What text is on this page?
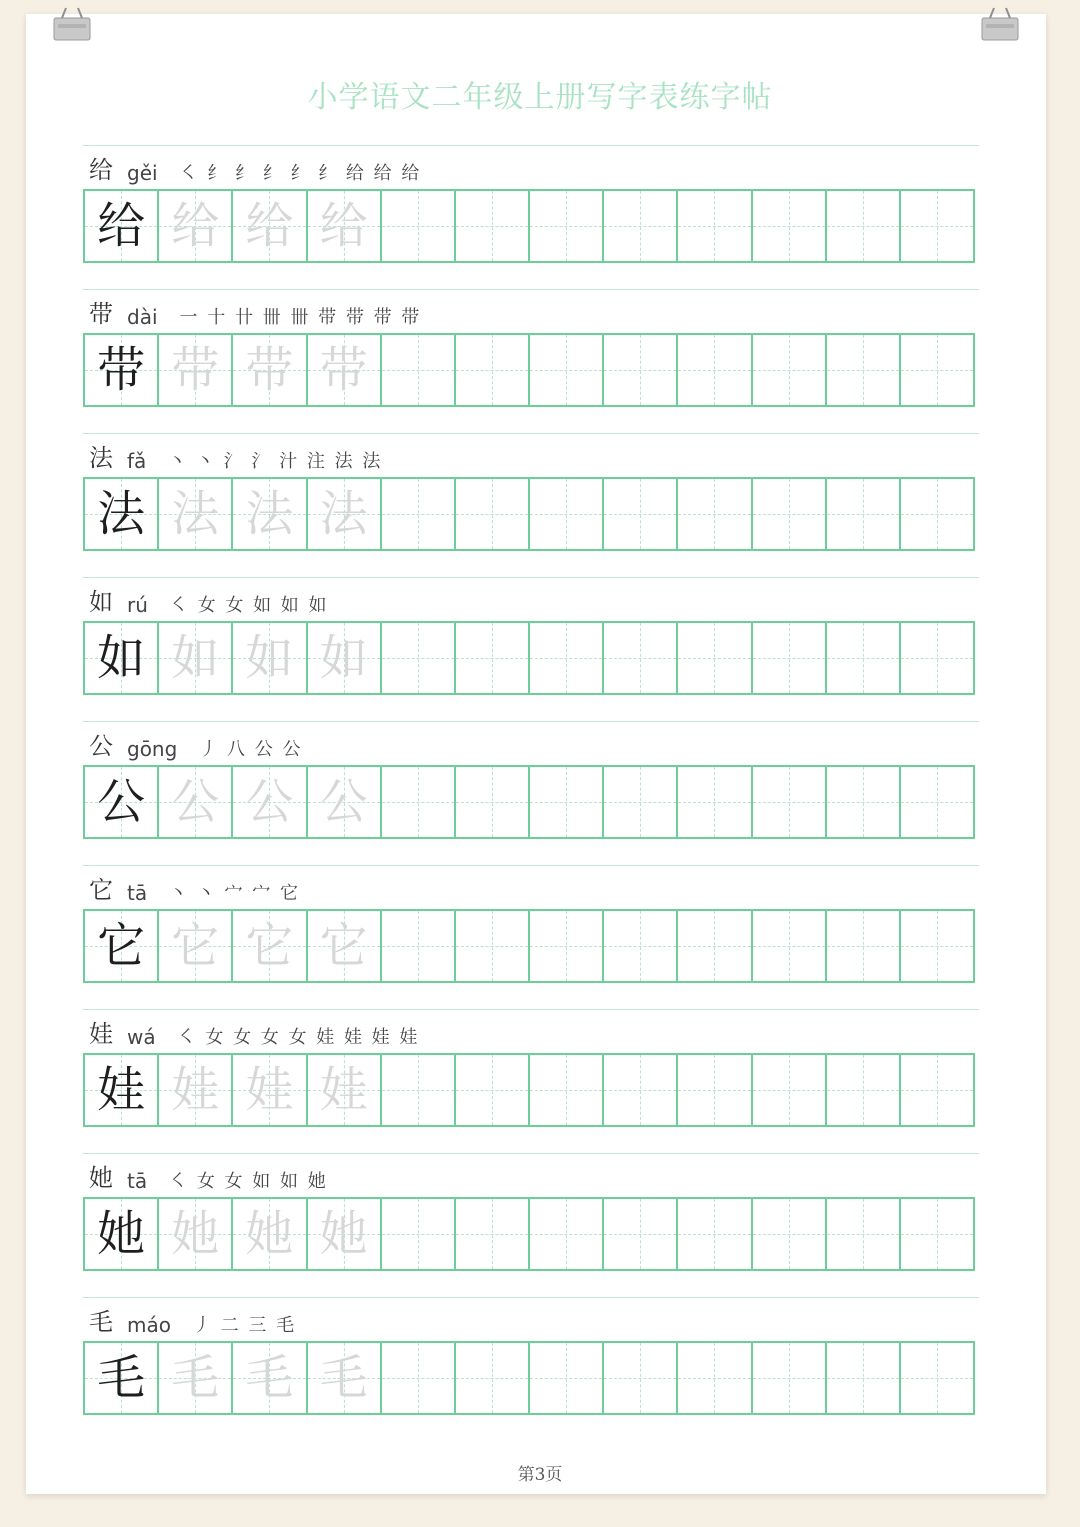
小学语文二年级上册写字表练字帖
给 gěi ㇛ 纟 纟 纟 纟 纟 给 给 给
给 给 给 给
带 dài 一 十 卄 卌 卌 带 带 带 带
带 带 带 带
法 fǎ 丶 丶 氵 氵 汁 注 法 法
法 法 法 法
如 rú ㇛ 女 女 如 如 如
如 如 如 如
公 gōng 丿 八 公 公
公 公 公 公
它 tā 丶 丶 宀 宀 它
它 它 它 它
娃 wá ㇛ 女 女 女 女 娃 娃 娃 娃
娃 娃 娃 娃
她 tā ㇛ 女 女 如 如 她
她 她 她 她
毛 máo 丿 二 三 毛
毛 毛 毛 毛
第3页
